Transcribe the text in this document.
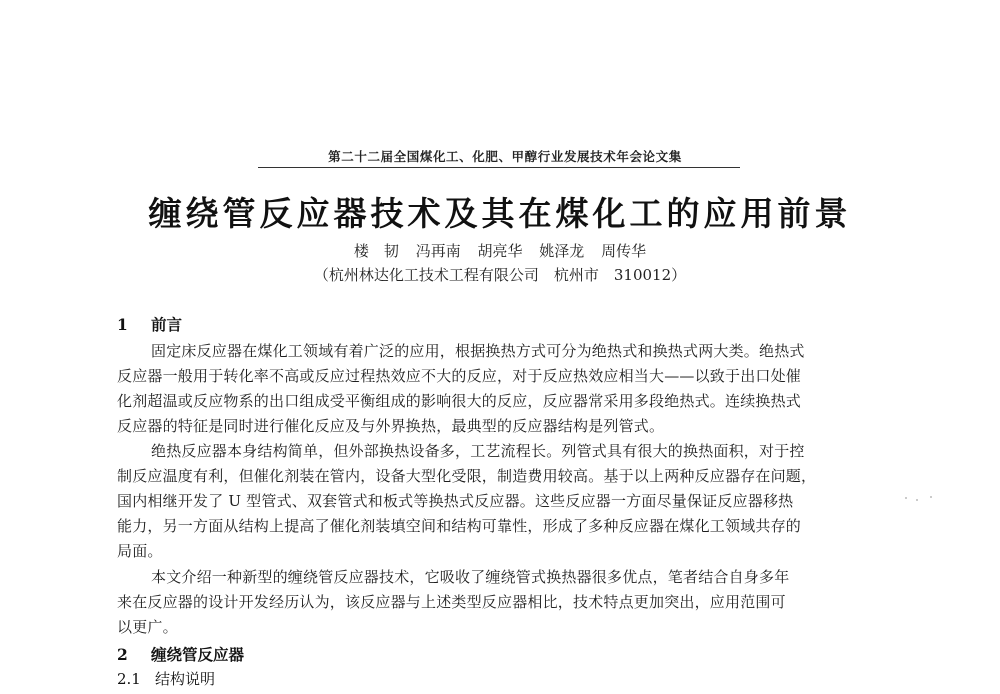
第二十二届全国煤化工、化肥、甲醇行业发展技术年会论文集
缠绕管反应器技术及其在煤化工的应用前景
楼　韧 冯再南 胡亮华 姚泽龙 周传华
（杭州林达化工技术工程有限公司　杭州市　310012）
1 前言
固定床反应器在煤化工领域有着广泛的应用，根据换热方式可分为绝热式和换热式两大类。绝热式
反应器一般用于转化率不高或反应过程热效应不大的反应，对于反应热效应相当大——以致于出口处催
化剂超温或反应物系的出口组成受平衡组成的影响很大的反应，反应器常采用多段绝热式。连续换热式
反应器的特征是同时进行催化反应及与外界换热，最典型的反应器结构是列管式。
绝热反应器本身结构简单，但外部换热设备多，工艺流程长。列管式具有很大的换热面积，对于控
制反应温度有利，但催化剂装在管内，设备大型化受限，制造费用较高。基于以上两种反应器存在问题，
国内相继开发了 U 型管式、双套管式和板式等换热式反应器。这些反应器一方面尽量保证反应器移热
能力，另一方面从结构上提高了催化剂装填空间和结构可靠性，形成了多种反应器在煤化工领域共存的
局面。
本文介绍一种新型的缠绕管反应器技术，它吸收了缠绕管式换热器很多优点，笔者结合自身多年
来在反应器的设计开发经历认为，该反应器与上述类型反应器相比，技术特点更加突出，应用范围可
以更广。
2 缠绕管反应器
2.1 结构说明
